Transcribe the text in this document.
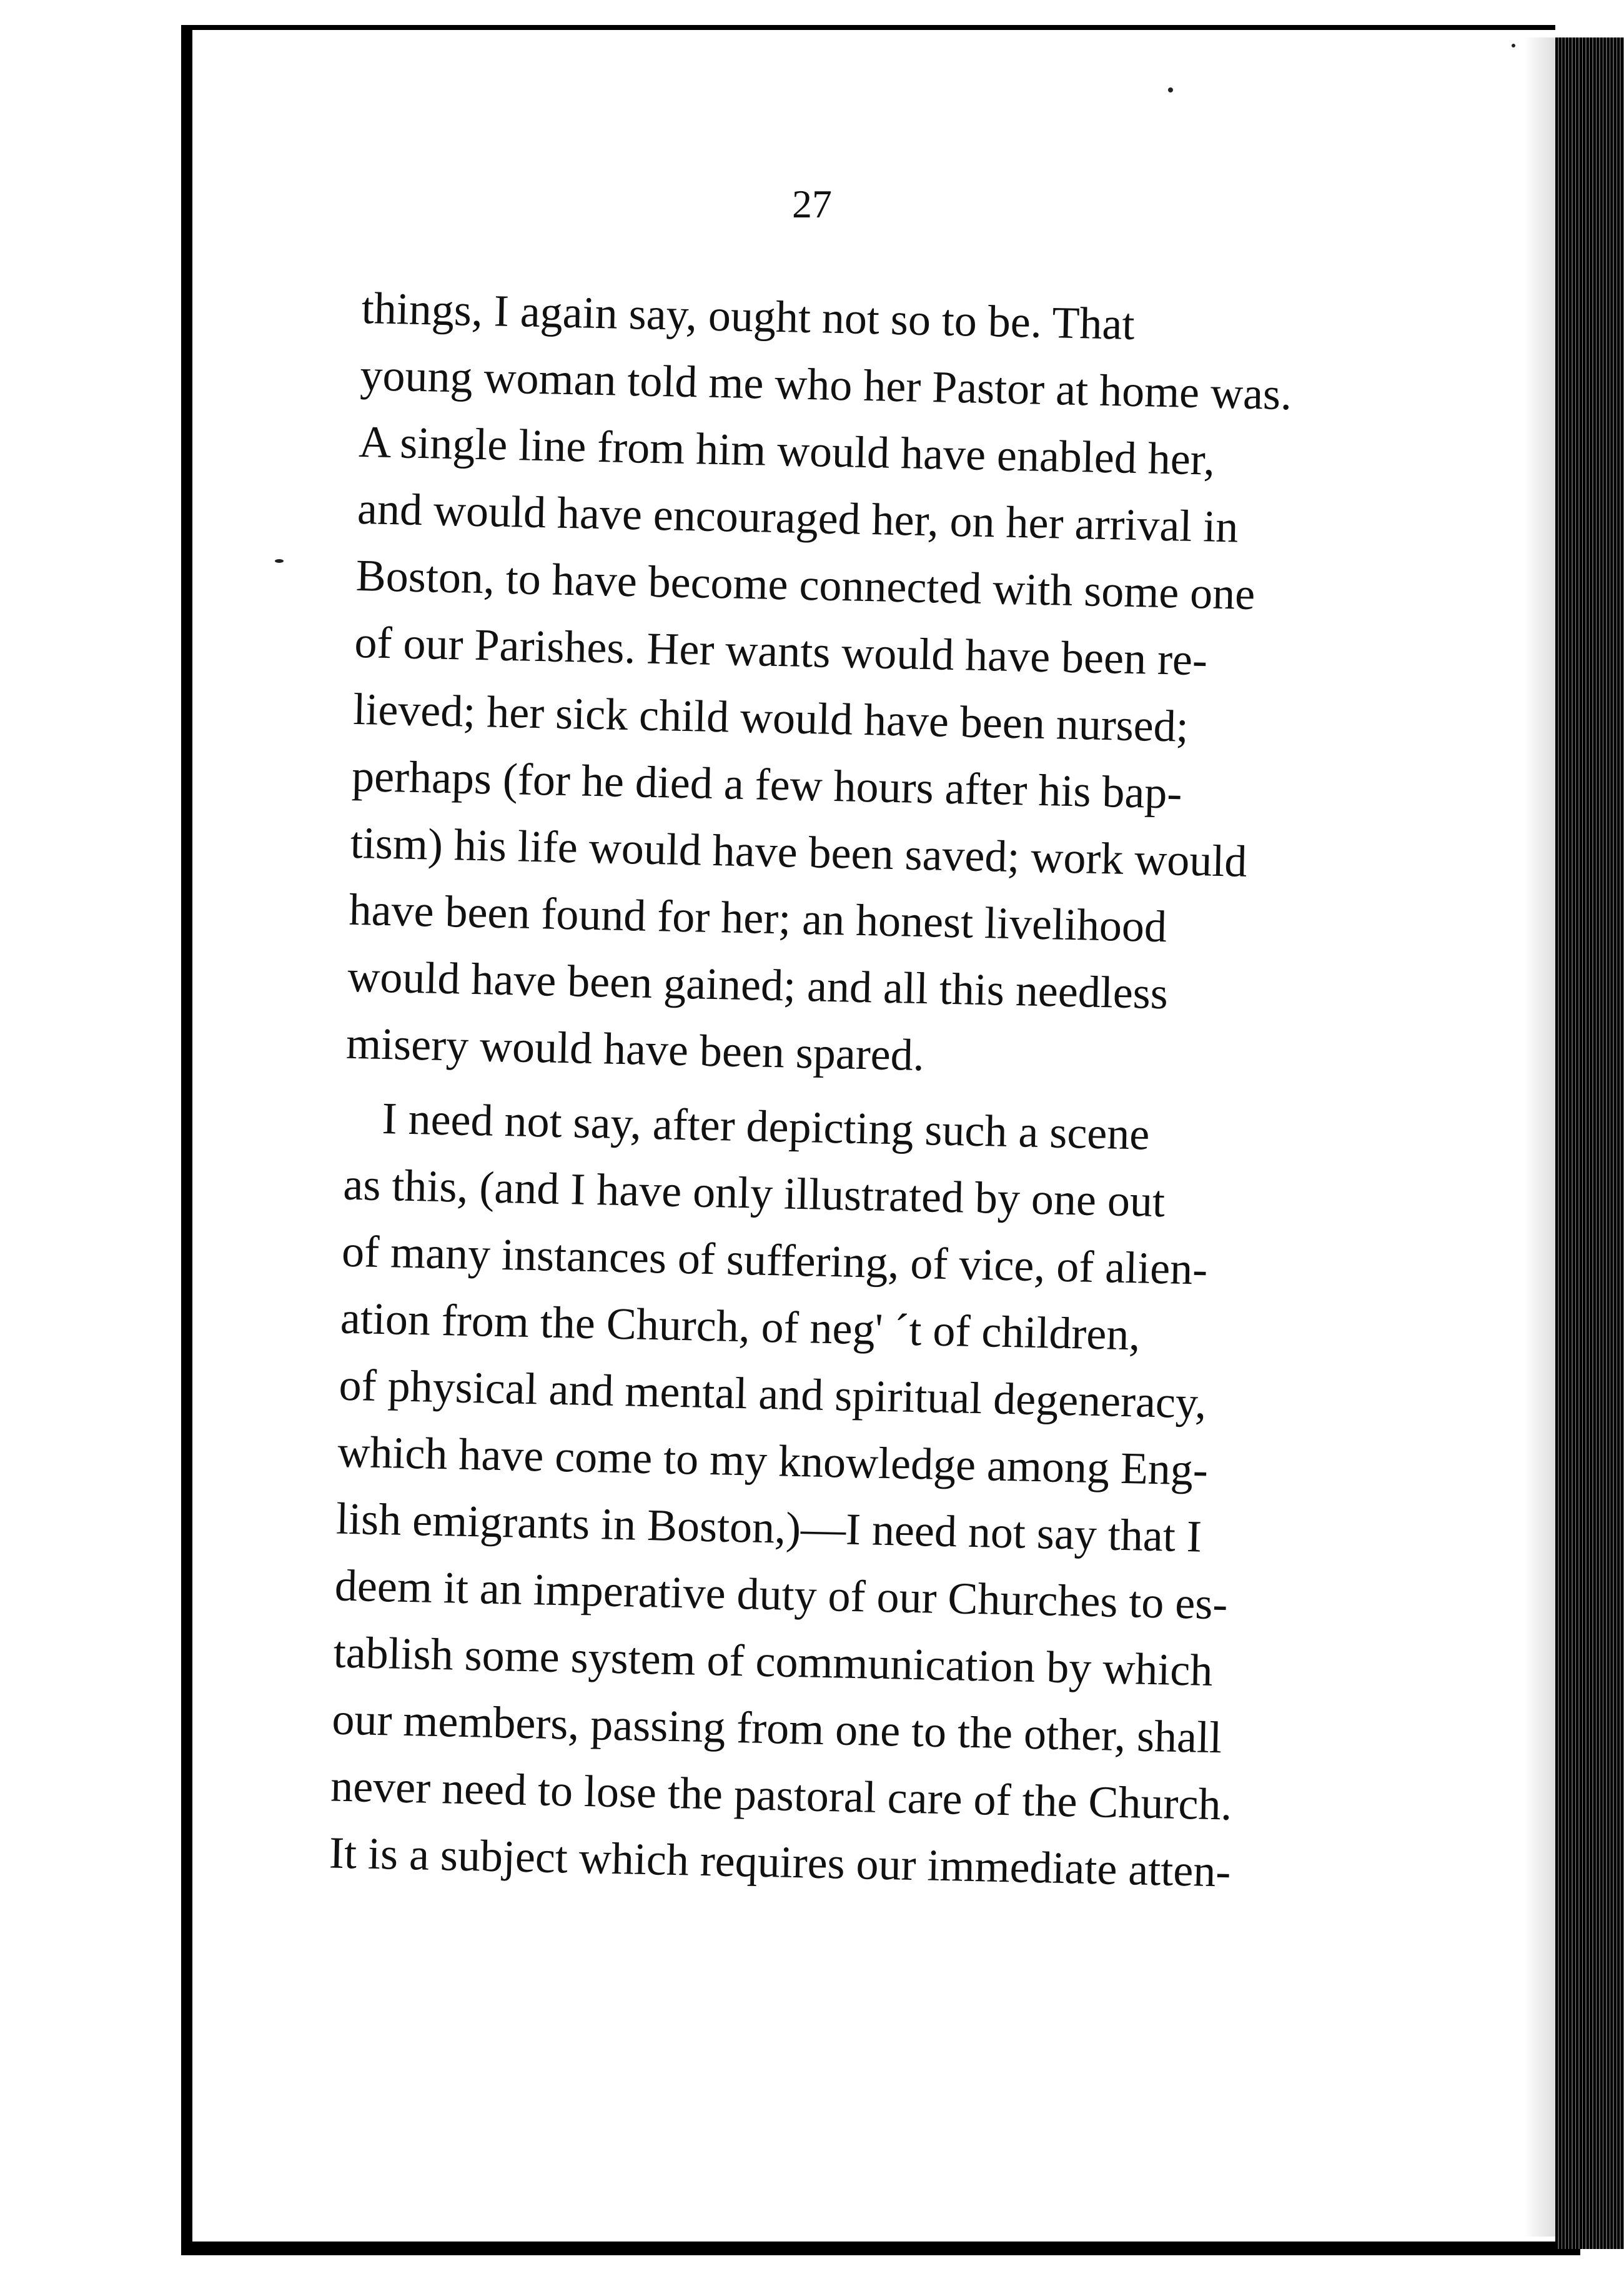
27
things, I again say, ought not so to be. That
young woman told me who her Pastor at home was.
A single line from him would have enabled her,
and would have encouraged her, on her arrival in
Boston, to have become connected with some one
of our Parishes. Her wants would have been re-
lieved; her sick child would have been nursed;
perhaps (for he died a few hours after his bap-
tism) his life would have been saved; work would
have been found for her; an honest livelihood
would have been gained; and all this needless
misery would have been spared.
I need not say, after depicting such a scene
as this, (and I have only illustrated by one out
of many instances of suffering, of vice, of alien-
ation from the Church, of neg' ´t of children,
of physical and mental and spiritual degeneracy,
which have come to my knowledge among Eng-
lish emigrants in Boston,)—I need not say that I
deem it an imperative duty of our Churches to es-
tablish some system of communication by which
our members, passing from one to the other, shall
never need to lose the pastoral care of the Church.
It is a subject which requires our immediate atten-
